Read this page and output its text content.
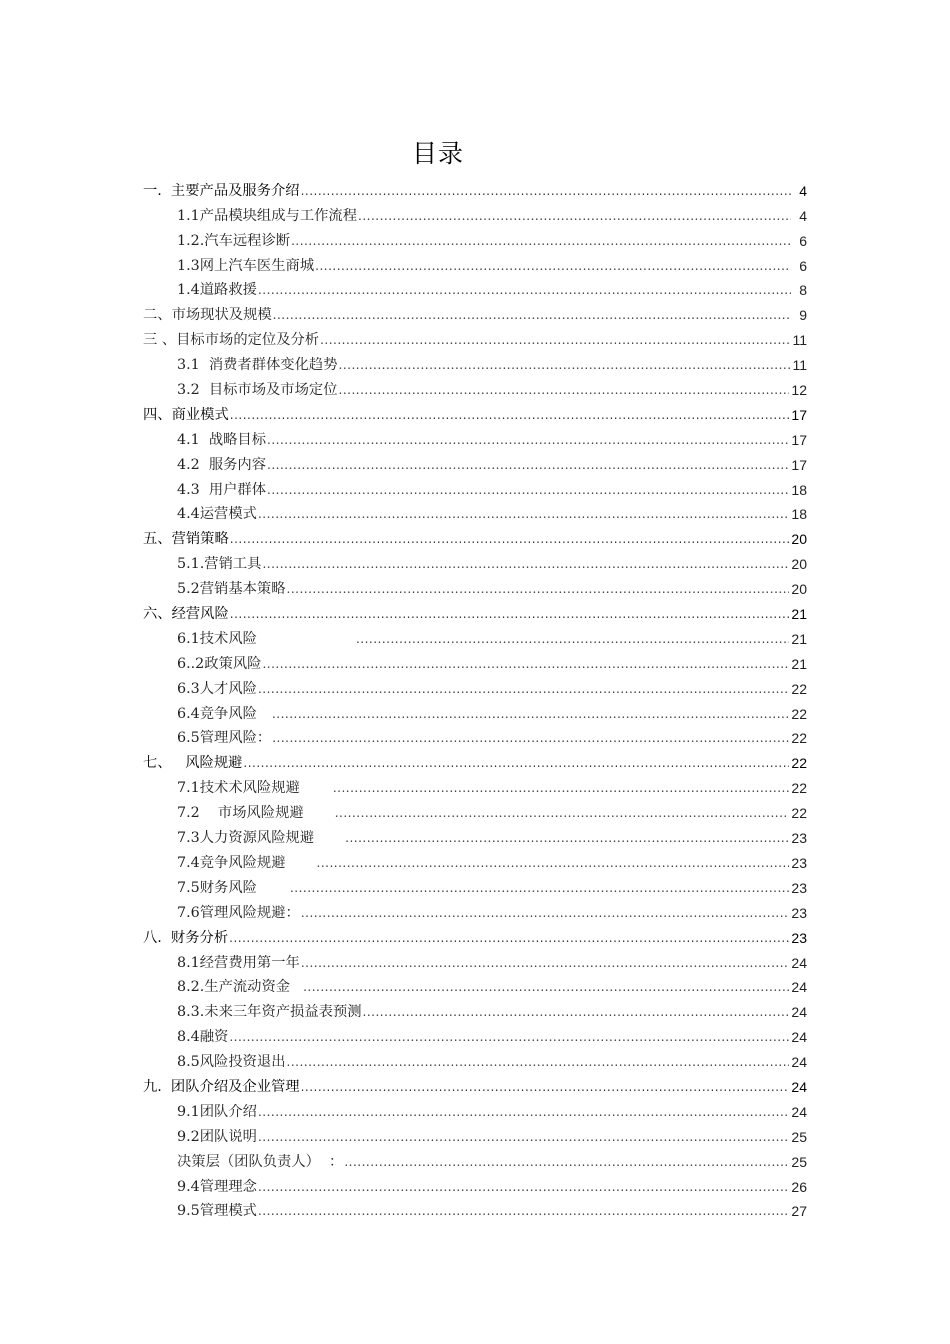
目录
一.  主要产品及服务介绍 .....	4
1.1产品模块组成与工作流程 .....	4
1.2.汽车远程诊断 .....	6
1.3网上汽车医生商城 .....	6
1.4道路救援 .....	8
二、市场现状及规模 .....	9
三 、目标市场的定位及分析 .....	11
3.1  消费者群体变化趋势 .....	11
3.2  目标市场及市场定位 .....	12
四、商业模式 .....	17
4.1  战略目标 .....	17
4.2  服务内容 .....	17
4.3  用户群体 .....	18
4.4运营模式 .....	18
五、营销策略 .....	20
5.1.营销工具 .....	20
5.2营销基本策略 .....	20
六、经营风险 .....	21
6.1技术风险 .....	21
6..2政策风险 .....	21
6.3人才风险 .....	22
6.4竞争风险 .....	22
6.5管理风险： .....	22
七、   风险规避 .....	22
7.1技术术风险规避 .....	22
7.2    市场风险规避 .....	22
7.3人力资源风险规避 .....	23
7.4竞争风险规避 .....	23
7.5财务风险 .....	23
7.6管理风险规避： .....	23
八.  财务分析 .....	23
8.1经营费用第一年 .....	24
8.2.生产流动资金 .....	24
8.3.未来三年资产损益表预测 .....	24
8.4融资 .....	24
8.5风险投资退出 .....	24
九.  团队介绍及企业管理 .....	24
9.1团队介绍 .....	24
9.2团队说明 .....	25
决策层（团队负责人）  ： .....	25
9.4管理理念 .....	26
9.5管理模式 .....	27
